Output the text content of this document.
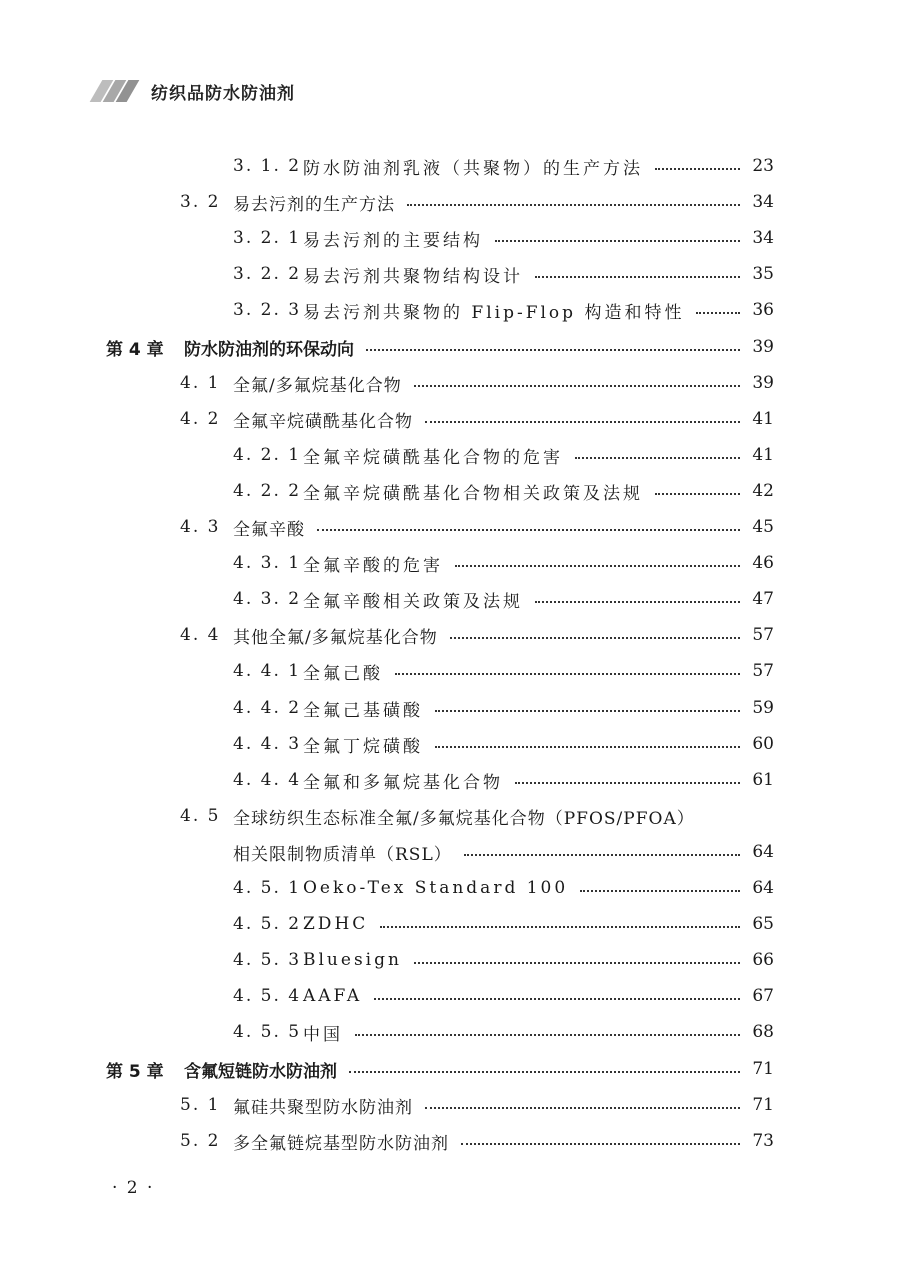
纺织品防水防油剂
3. 1. 2 防水防油剂乳液（共聚物）的生产方法	23
3. 2 易去污剂的生产方法	34
3. 2. 1 易去污剂的主要结构	34
3. 2. 2 易去污剂共聚物结构设计	35
3. 2. 3 易去污剂共聚物的 Flip-Flop 构造和特性	36
第 4 章	防水防油剂的环保动向	39
4. 1 全氟/多氟烷基化合物	39
4. 2 全氟辛烷磺酰基化合物	41
4. 2. 1 全氟辛烷磺酰基化合物的危害	41
4. 2. 2 全氟辛烷磺酰基化合物相关政策及法规	42
4. 3 全氟辛酸	45
4. 3. 1 全氟辛酸的危害	46
4. 3. 2 全氟辛酸相关政策及法规	47
4. 4 其他全氟/多氟烷基化合物	57
4. 4. 1 全氟己酸	57
4. 4. 2 全氟己基磺酸	59
4. 4. 3 全氟丁烷磺酸	60
4. 4. 4 全氟和多氟烷基化合物	61
4. 5 全球纺织生态标准全氟/多氟烷基化合物（PFOS/PFOA）
相关限制物质清单（RSL）	64
4. 5. 1 Oeko-Tex Standard 100	64
4. 5. 2 ZDHC	65
4. 5. 3 Bluesign	66
4. 5. 4 AAFA	67
4. 5. 5 中国	68
第 5 章	含氟短链防水防油剂	71
5. 1 氟硅共聚型防水防油剂	71
5. 2 多全氟链烷基型防水防油剂	73
· 2 ·
